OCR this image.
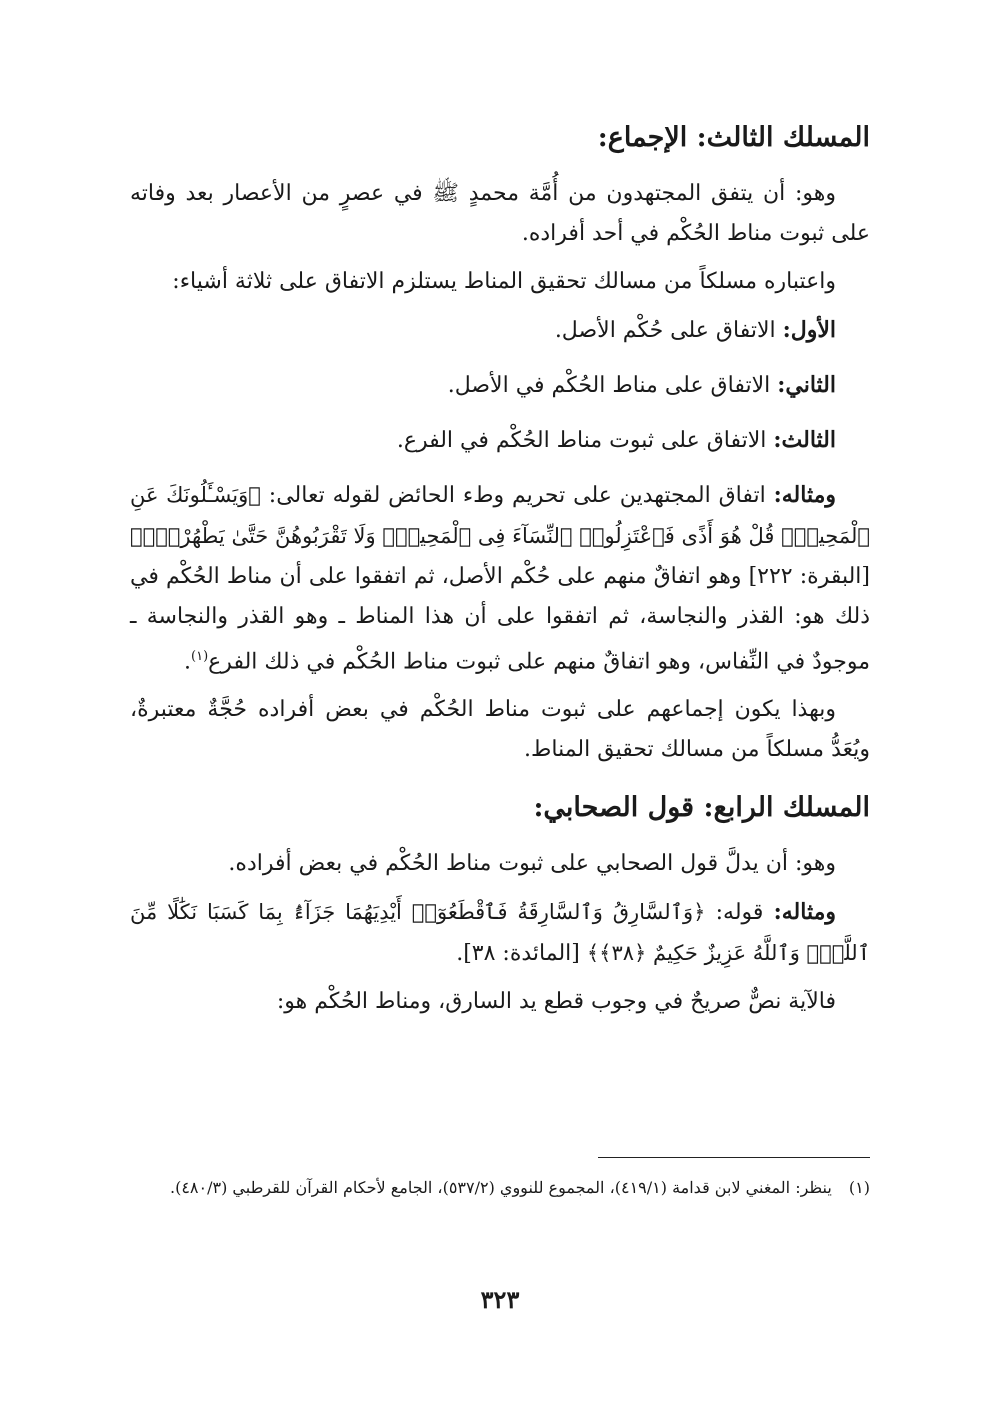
المسلك الثالث: الإجماع:

وهو: أن يتفق المجتهدون من أُمَّة محمدٍ ﷺ في عصرٍ من الأعصار بعد وفاته على ثبوت مناط الحُكْم في أحد أفراده.

واعتباره مسلكاً من مسالك تحقيق المناط يستلزم الاتفاق على ثلاثة أشياء:

الأول: الاتفاق على حُكْم الأصل.
الثاني: الاتفاق على مناط الحُكْم في الأصل.
الثالث: الاتفاق على ثبوت مناط الحُكْم في الفرع.

ومثاله: اتفاق المجتهدين على تحريم وطء الحائض لقوله تعالى: ﴿وَيَسْـَٔلُونَكَ عَنِ ٱلْمَحِيضِۖ قُلْ هُوَ أَذًى فَٱعْتَزِلُوا۟ ٱلنِّسَآءَ فِى ٱلْمَحِيضِۖ وَلَا تَقْرَبُوهُنَّ حَتَّىٰ يَطْهُرْنَۖ﴾ [البقرة: ٢٢٢] وهو اتفاقٌ منهم على حُكْم الأصل، ثم اتفقوا على أن مناط الحُكْم في ذلك هو: القذر والنجاسة، ثم اتفقوا على أن هذا المناط ـ وهو القذر والنجاسة ـ موجودٌ في النِّفاس، وهو اتفاقٌ منهم على ثبوت مناط الحُكْم في ذلك الفرع$^{(١)}$.

وبهذا يكون إجماعهم على ثبوت مناط الحُكْم في بعض أفراده حُجَّةٌ معتبرةٌ، ويُعَدُّ مسلكاً من مسالك تحقيق المناط.

المسلك الرابع: قول الصحابي:

وهو: أن يدلَّ قول الصحابي على ثبوت مناط الحُكْم في بعض أفراده.

ومثاله: قوله: ﴿وَٱلسَّارِقُ وَٱلسَّارِقَةُ فَٱقْطَعُوٓا۟ أَيْدِيَهُمَا جَزَآءًۢ بِمَا كَسَبَا نَكَٰلًا مِّنَ ٱللَّهِۗ وَٱللَّهُ عَزِيزٌ حَكِيمٌ ﴿٣٨﴾﴾ [المائدة: ٣٨].

فالآية نصٌّ صريحٌ في وجوب قطع يد السارق، ومناط الحُكْم هو:

(١) ينظر: المغني لابن قدامة (٤١٩/١)، المجموع للنووي (٥٣٧/٢)، الجامع لأحكام القرآن للقرطبي (٤٨٠/٣).
٣٢٣
